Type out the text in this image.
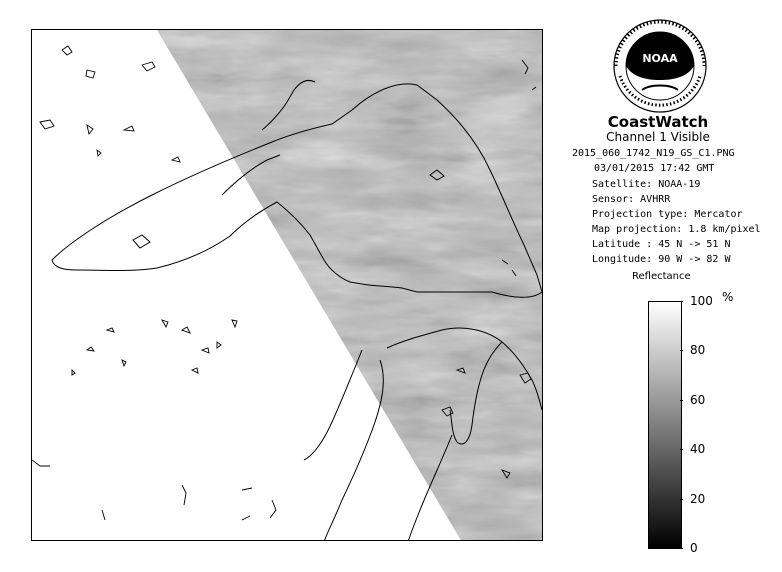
NOAA
CoastWatch
Channel 1 Visible
2015_060_1742_N19_GS_C1.PNG
03/01/2015 17:42 GMT
Satellite: NOAA-19
Sensor: AVHRR
Projection type: Mercator
Map projection: 1.8 km/pixel
Latitude : 45 N -> 51 N
Longitude: 90 W -> 82 W
Reflectance
%
100
80
60
40
20
0
